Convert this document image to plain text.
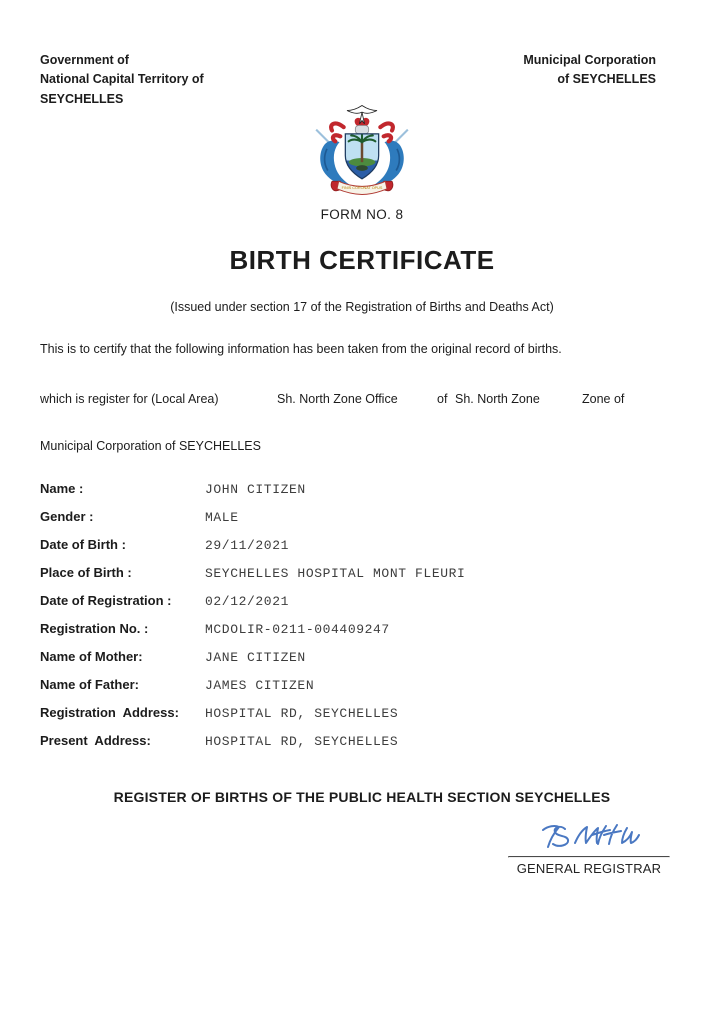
Government of
National Capital Territory of
SEYCHELLES
Municipal Corporation
of SEYCHELLES
FINIS CORONAT OPUS
FORM NO. 8
BIRTH CERTIFICATE
(Issued under section 17 of the Registration of Births and Deaths Act)
This is to certify that the following information has been taken from the original record of births.
which is register for (Local Area)	Sh. North Zone Office	of Sh. North Zone	Zone of
Municipal Corporation of SEYCHELLES
Name :	JOHN CITIZEN
Gender :	MALE
Date of Birth :	29/11/2021
Place of Birth :	SEYCHELLES HOSPITAL MONT FLEURI
Date of Registration :	02/12/2021
Registration No. :	MCDOLIR-0211-004409247
Name of Mother:	JANE CITIZEN
Name of Father:	JAMES CITIZEN
Registration  Address: HOSPITAL RD, SEYCHELLES
Present  Address:	HOSPITAL RD, SEYCHELLES
REGISTER OF BIRTHS OF THE PUBLIC HEALTH SECTION SEYCHELLES
GENERAL REGISTRAR
